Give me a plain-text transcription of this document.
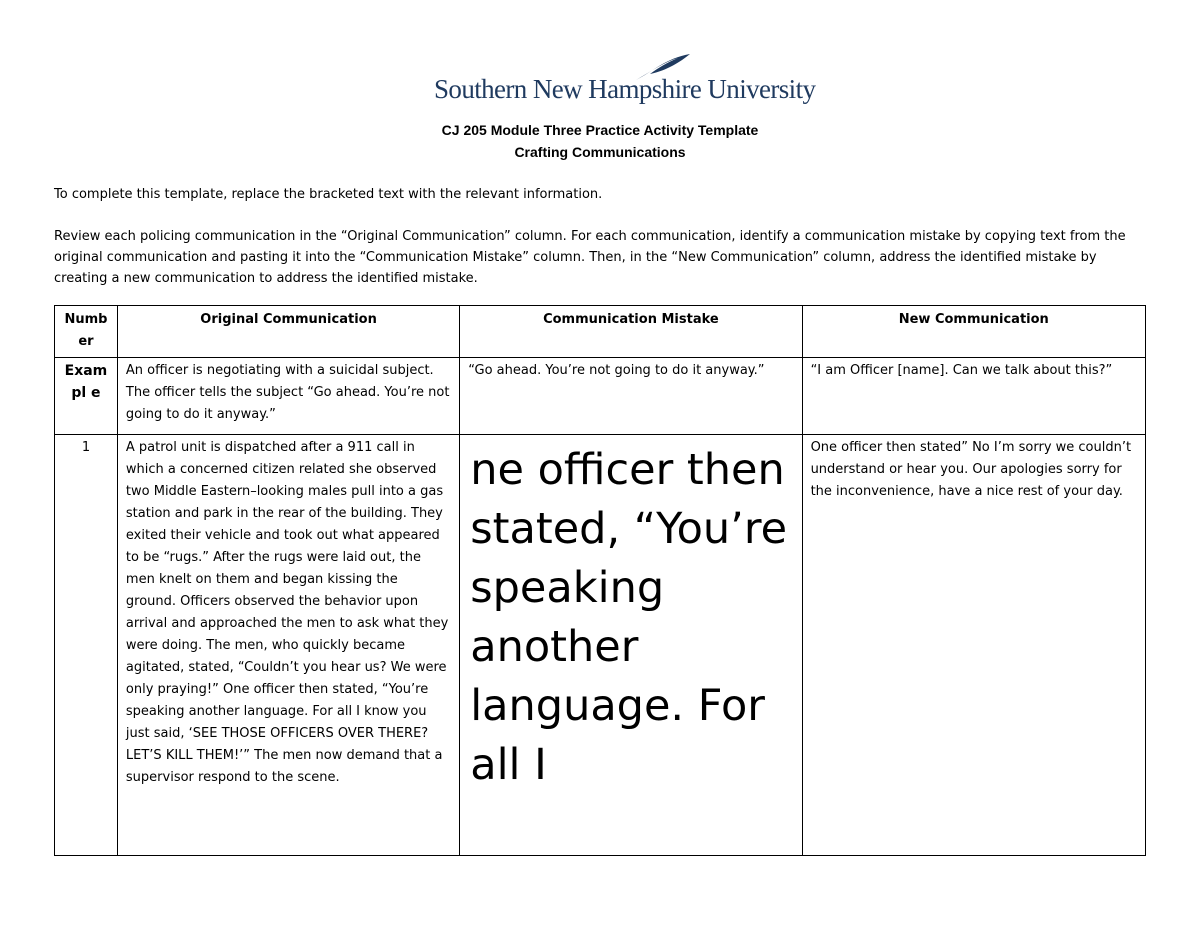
Southern New Hampshire University
CJ 205 Module Three Practice Activity Template
Crafting Communications

To complete this template, replace the bracketed text with the relevant information.

Review each policing communication in the “Original Communication” column. For each communication, identify a communication mistake by copying text from the original communication and pasting it into the “Communication Mistake” column. Then, in the “New Communication” column, address the identified mistake by creating a new communication to address the identified mistake.

Number	Original Communication	Communication Mistake	New Communication
Exampl e	An officer is negotiating with a suicidal subject. The officer tells the subject “Go ahead. You’re not going to do it anyway.”	“Go ahead. You’re not going to do it anyway.”	“I am Officer [name]. Can we talk about this?”
1	A patrol unit is dispatched after a 911 call in which a concerned citizen related she observed two Middle Eastern–looking males pull into a gas station and park in the rear of the building. They exited their vehicle and took out what appeared to be “rugs.” After the rugs were laid out, the men knelt on them and began kissing the ground. Officers observed the behavior upon arrival and approached the men to ask what they were doing. The men, who quickly became agitated, stated, “Couldn’t you hear us? We were only praying!” One officer then stated, “You’re speaking another language. For all I know you just said, ‘SEE THOSE OFFICERS OVER THERE? LET’S KILL THEM!’” The men now demand that a supervisor respond to the scene.	ne officer then stated, “You’re speaking another language. For all I	One officer then stated” No I’m sorry we couldn’t understand or hear you. Our apologies sorry for the inconvenience, have a nice rest of your day.
